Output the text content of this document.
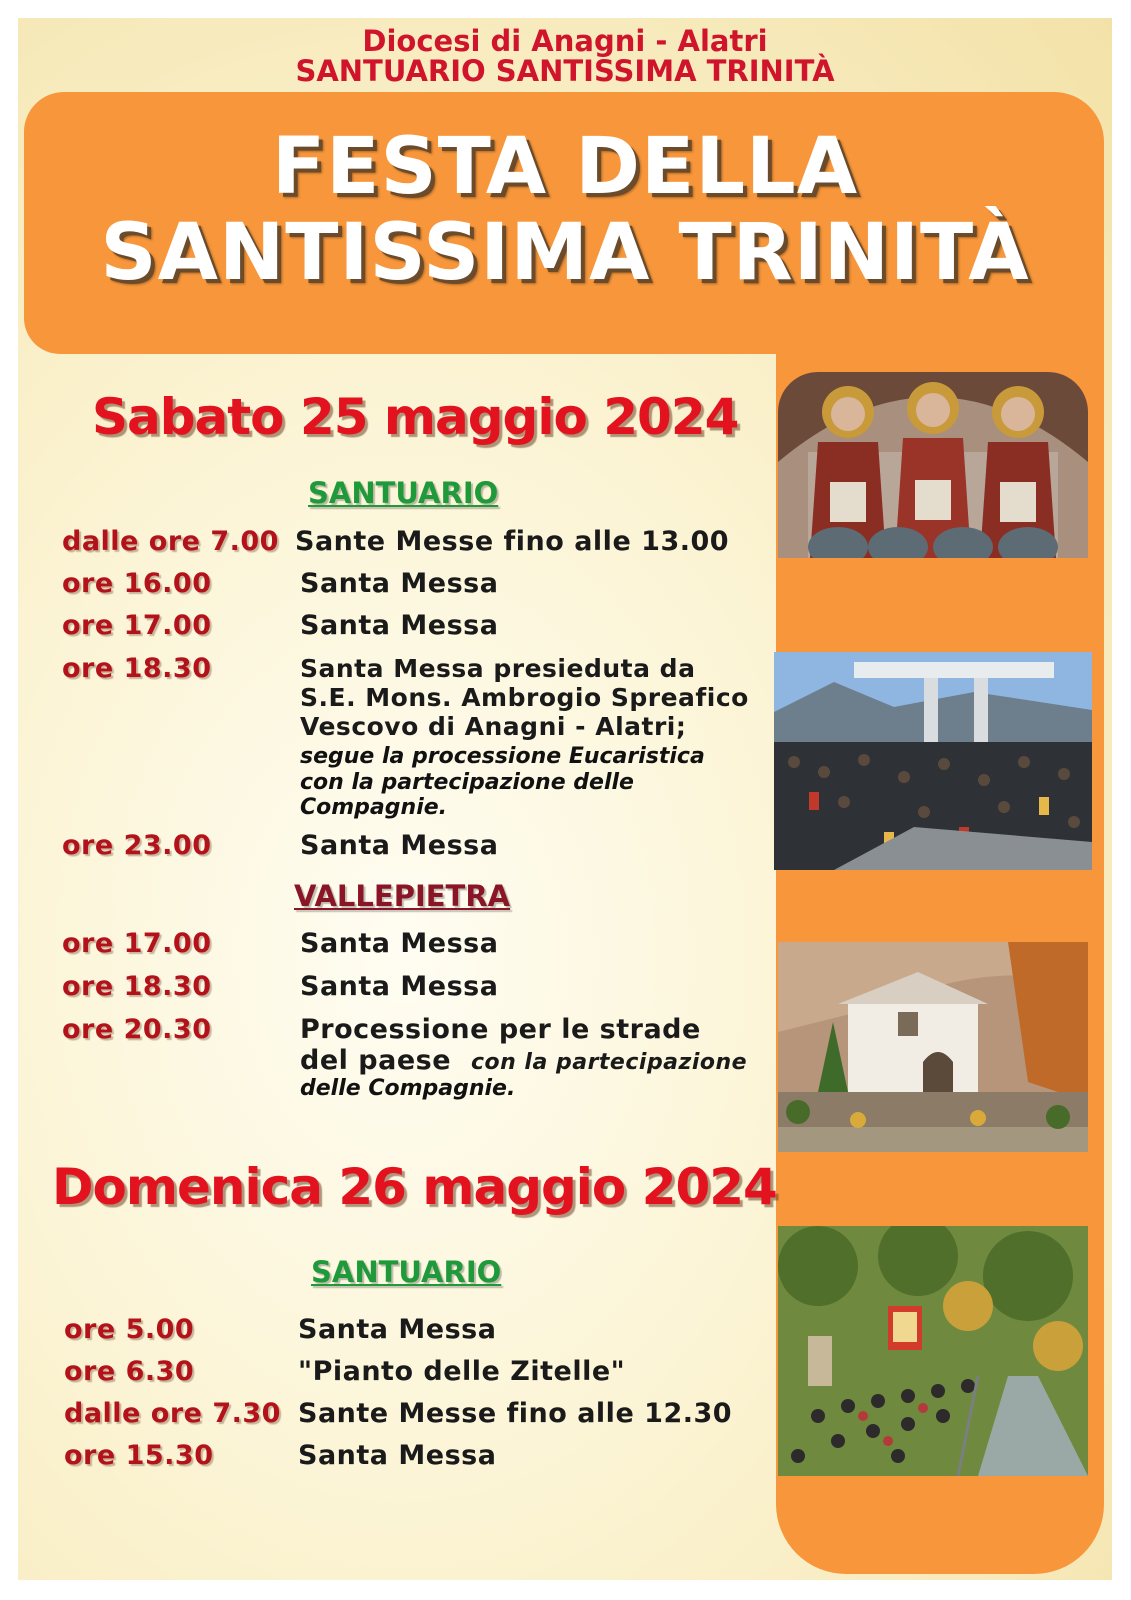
Diocesi di Anagni - Alatri
SANTUARIO SANTISSIMA TRINITÀ
FESTA DELLA
SANTISSIMA TRINITÀ
Sabato 25 maggio 2024
SANTUARIO
dalle ore 7.00 Sante Messe fino alle 13.00
ore 16.00	Santa Messa
ore 17.00	Santa Messa
ore 18.30	Santa Messa presieduta da
S.E. Mons. Ambrogio Spreafico
Vescovo di Anagni - Alatri;
segue la processione Eucaristica
con la partecipazione delle
Compagnie.
ore 23.00	Santa Messa
VALLEPIETRA
ore 17.00	Santa Messa
ore 18.30	Santa Messa
ore 20.30	Processione per le strade
del paese con la partecipazione
delle Compagnie.
Domenica 26 maggio 2024
SANTUARIO
ore 5.00	Santa Messa
ore 6.30	"Pianto delle Zitelle"
dalle ore 7.30 Sante Messe fino alle 12.30
ore 15.30	Santa Messa
